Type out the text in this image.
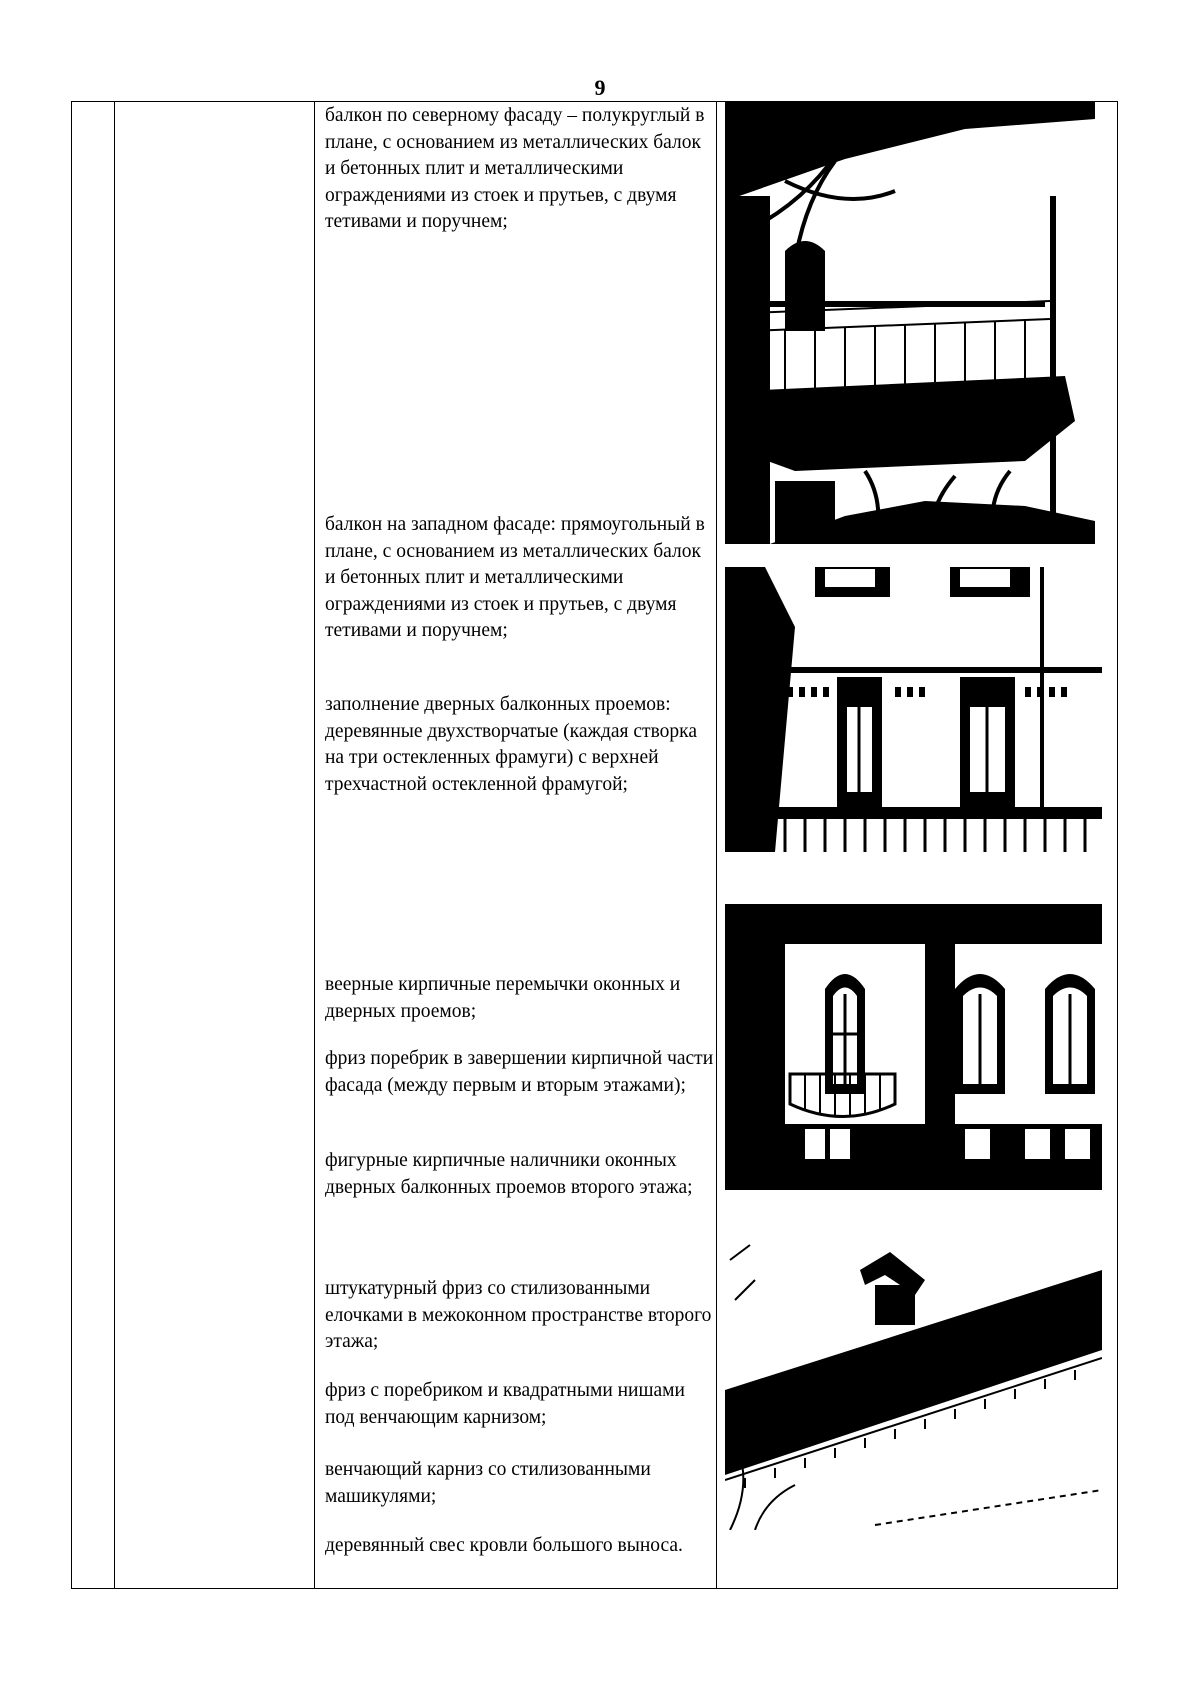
9
балкон по северному фасаду – полукруглый в плане, с основанием из металлических балок и бетонных плит и металлическими ограждениями из стоек и прутьев, с двумя тетивами и поручнем;
балкон на западном фасаде: прямоугольный в плане, с основанием из металлических балок и бетонных плит и металлическими ограждениями из стоек и прутьев, с двумя тетивами и поручнем;
заполнение дверных балконных проемов: деревянные двухстворчатые (каждая створка на три остекленных фрамуги) с верхней трехчастной остекленной фрамугой;
веерные кирпичные перемычки оконных и дверных проемов;
фриз поребрик в завершении кирпичной части фасада (между первым и вторым этажами);
фигурные кирпичные наличники оконных дверных балконных проемов второго этажа;
штукатурный фриз со стилизованными елочками в межоконном пространстве второго этажа;
фриз с поребриком и квадратными нишами под венчающим карнизом;
венчающий карниз со стилизованными машикулями;
деревянный свес кровли большого выноса.
